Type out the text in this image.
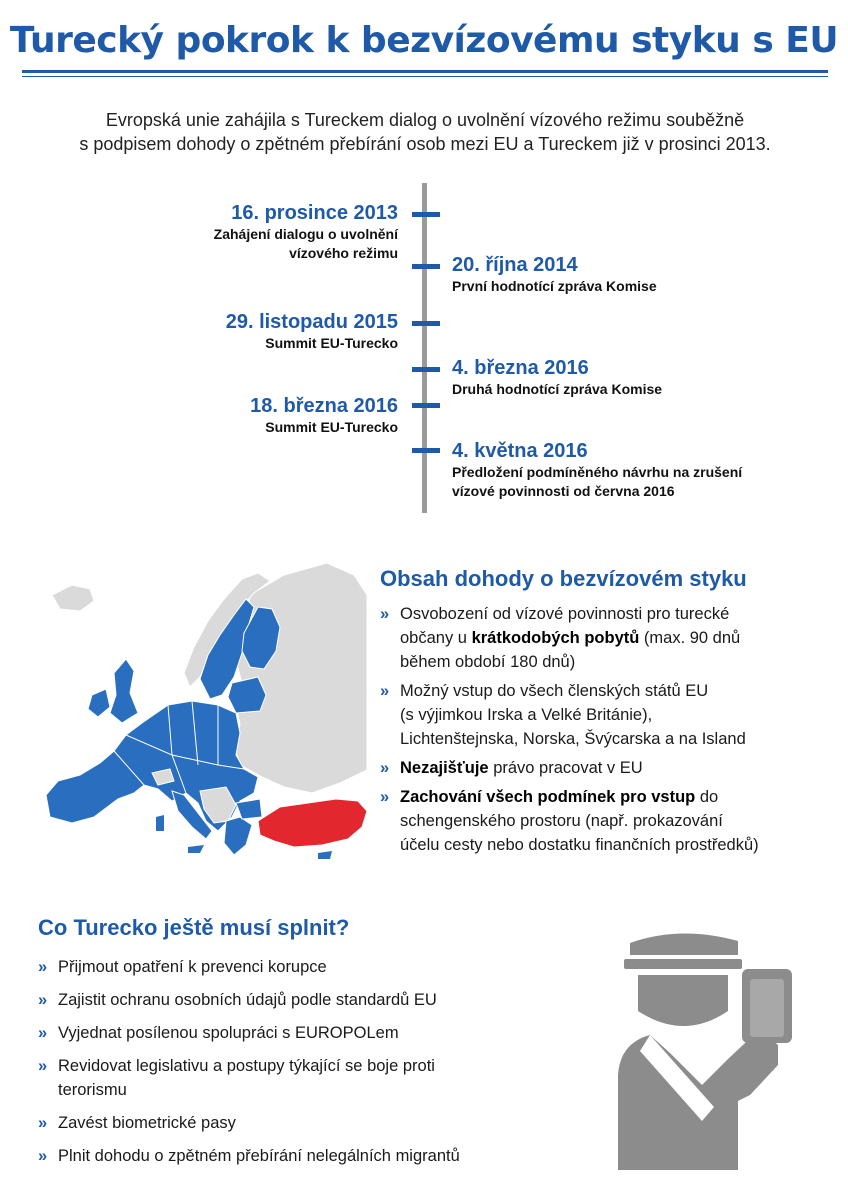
Turecký pokrok k bezvízovému styku s EU
Evropská unie zahájila s Tureckem dialog o uvolnění vízového režimu souběžně
s podpisem dohody o zpětném přebírání osob mezi EU a Tureckem již v prosinci 2013.
16. prosince 2013
Zahájení dialogu o uvolnění
vízového režimu
20. října 2014
První hodnotící zpráva Komise
29. listopadu 2015
Summit EU-Turecko
4. března 2016
Druhá hodnotící zpráva Komise
18. března 2016
Summit EU-Turecko
4. května 2016
Předložení podmíněného návrhu na zrušení
vízové povinnosti od června 2016
Obsah dohody o bezvízovém styku
» Osvobození od vízové povinnosti pro turecké
občany u krátkodobých pobytů (max. 90 dnů
během období 180 dnů)
» Možný vstup do všech členských států EU
(s výjimkou Irska a Velké Británie),
Lichtenštejnska, Norska, Švýcarska a na Island
» Nezajišťuje právo pracovat v EU
» Zachování všech podmínek pro vstup do
schengenského prostoru (např. prokazování
účelu cesty nebo dostatku finančních prostředků)
Co Turecko ještě musí splnit?
» Přijmout opatření k prevenci korupce
» Zajistit ochranu osobních údajů podle standardů EU
» Vyjednat posílenou spolupráci s EUROPOLem
» Revidovat legislativu a postupy týkající se boje proti
terorismu
» Zavést biometrické pasy
» Plnit dohodu o zpětném přebírání nelegálních migrantů
